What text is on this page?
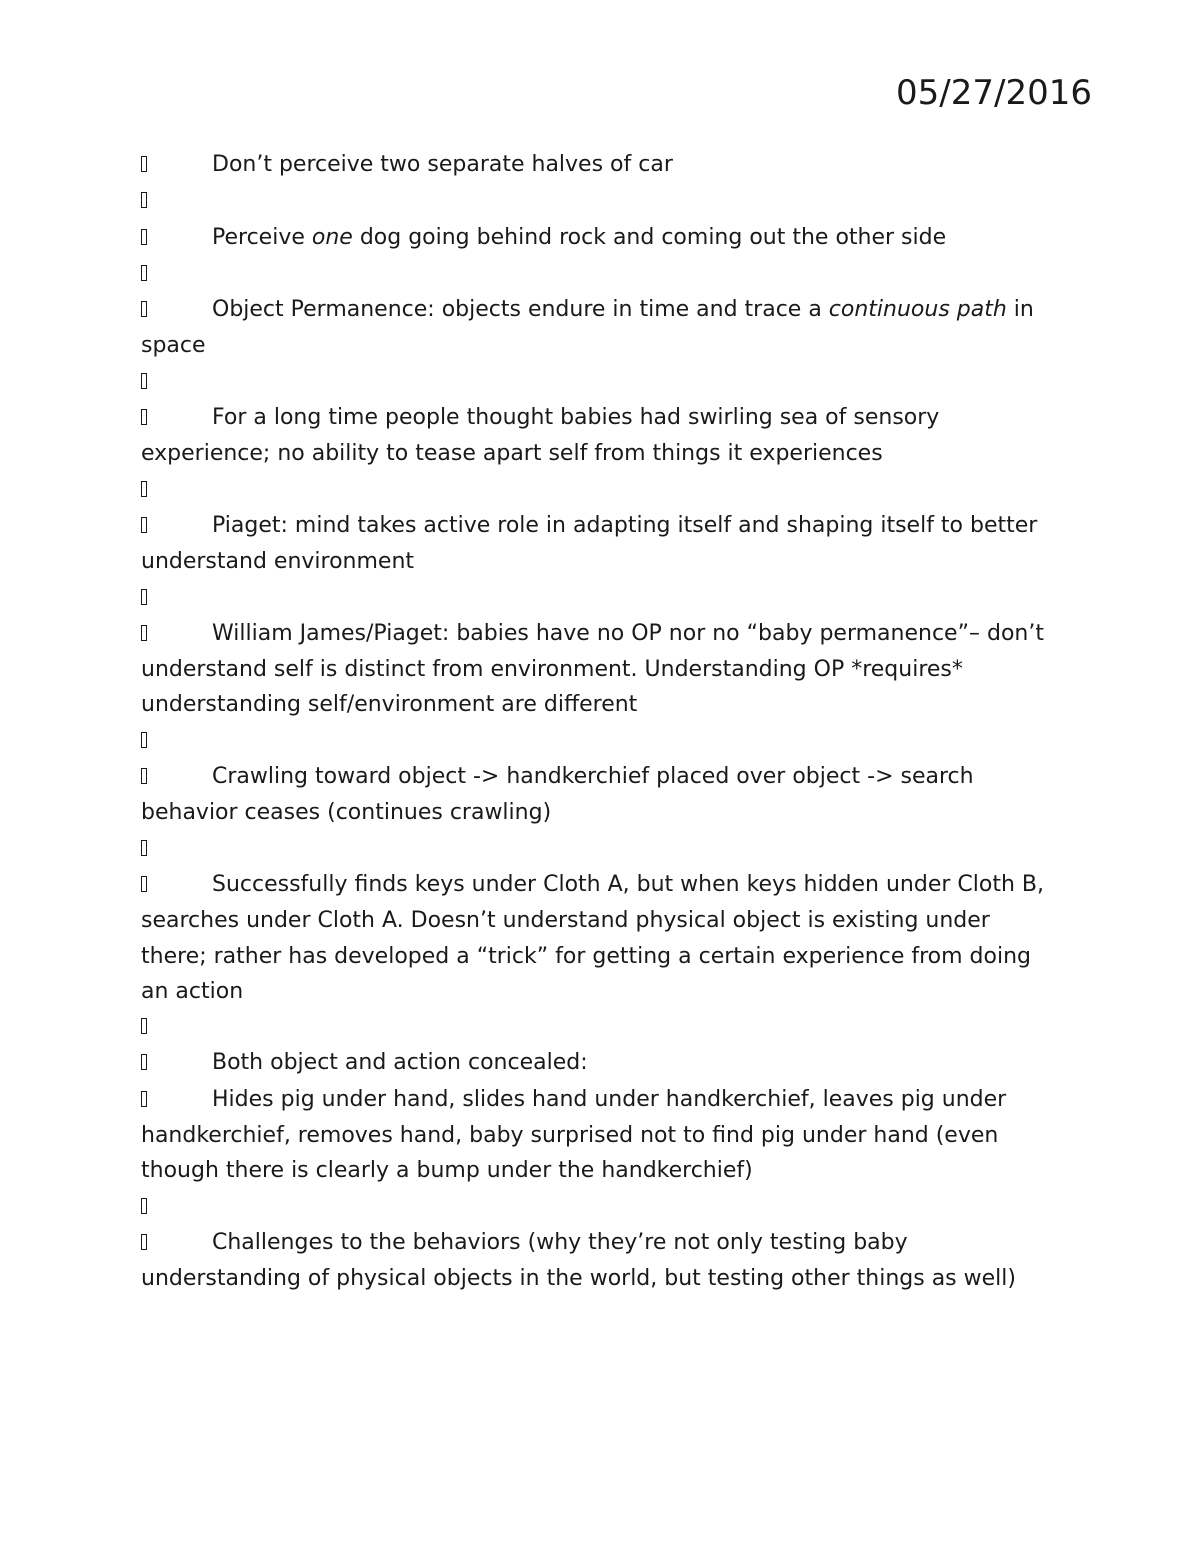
05/27/2016
Don’t perceive two separate halves of car
Perceive one dog going behind rock and coming out the other side
Object Permanence: objects endure in time and trace a continuous path in space
For a long time people thought babies had swirling sea of sensory experience; no ability to tease apart self from things it experiences
Piaget: mind takes active role in adapting itself and shaping itself to better understand environment
William James/Piaget: babies have no OP nor no “baby permanence”– don’t understand self is distinct from environment. Understanding OP *requires* understanding self/environment are different
Crawling toward object -> handkerchief placed over object -> search behavior ceases (continues crawling)
Successfully finds keys under Cloth A, but when keys hidden under Cloth B, searches under Cloth A. Doesn’t understand physical object is existing under there; rather has developed a “trick” for getting a certain experience from doing an action
Both object and action concealed:
Hides pig under hand, slides hand under handkerchief, leaves pig under handkerchief, removes hand, baby surprised not to find pig under hand (even though there is clearly a bump under the handkerchief)
Challenges to the behaviors (why they’re not only testing baby understanding of physical objects in the world, but testing other things as well)
